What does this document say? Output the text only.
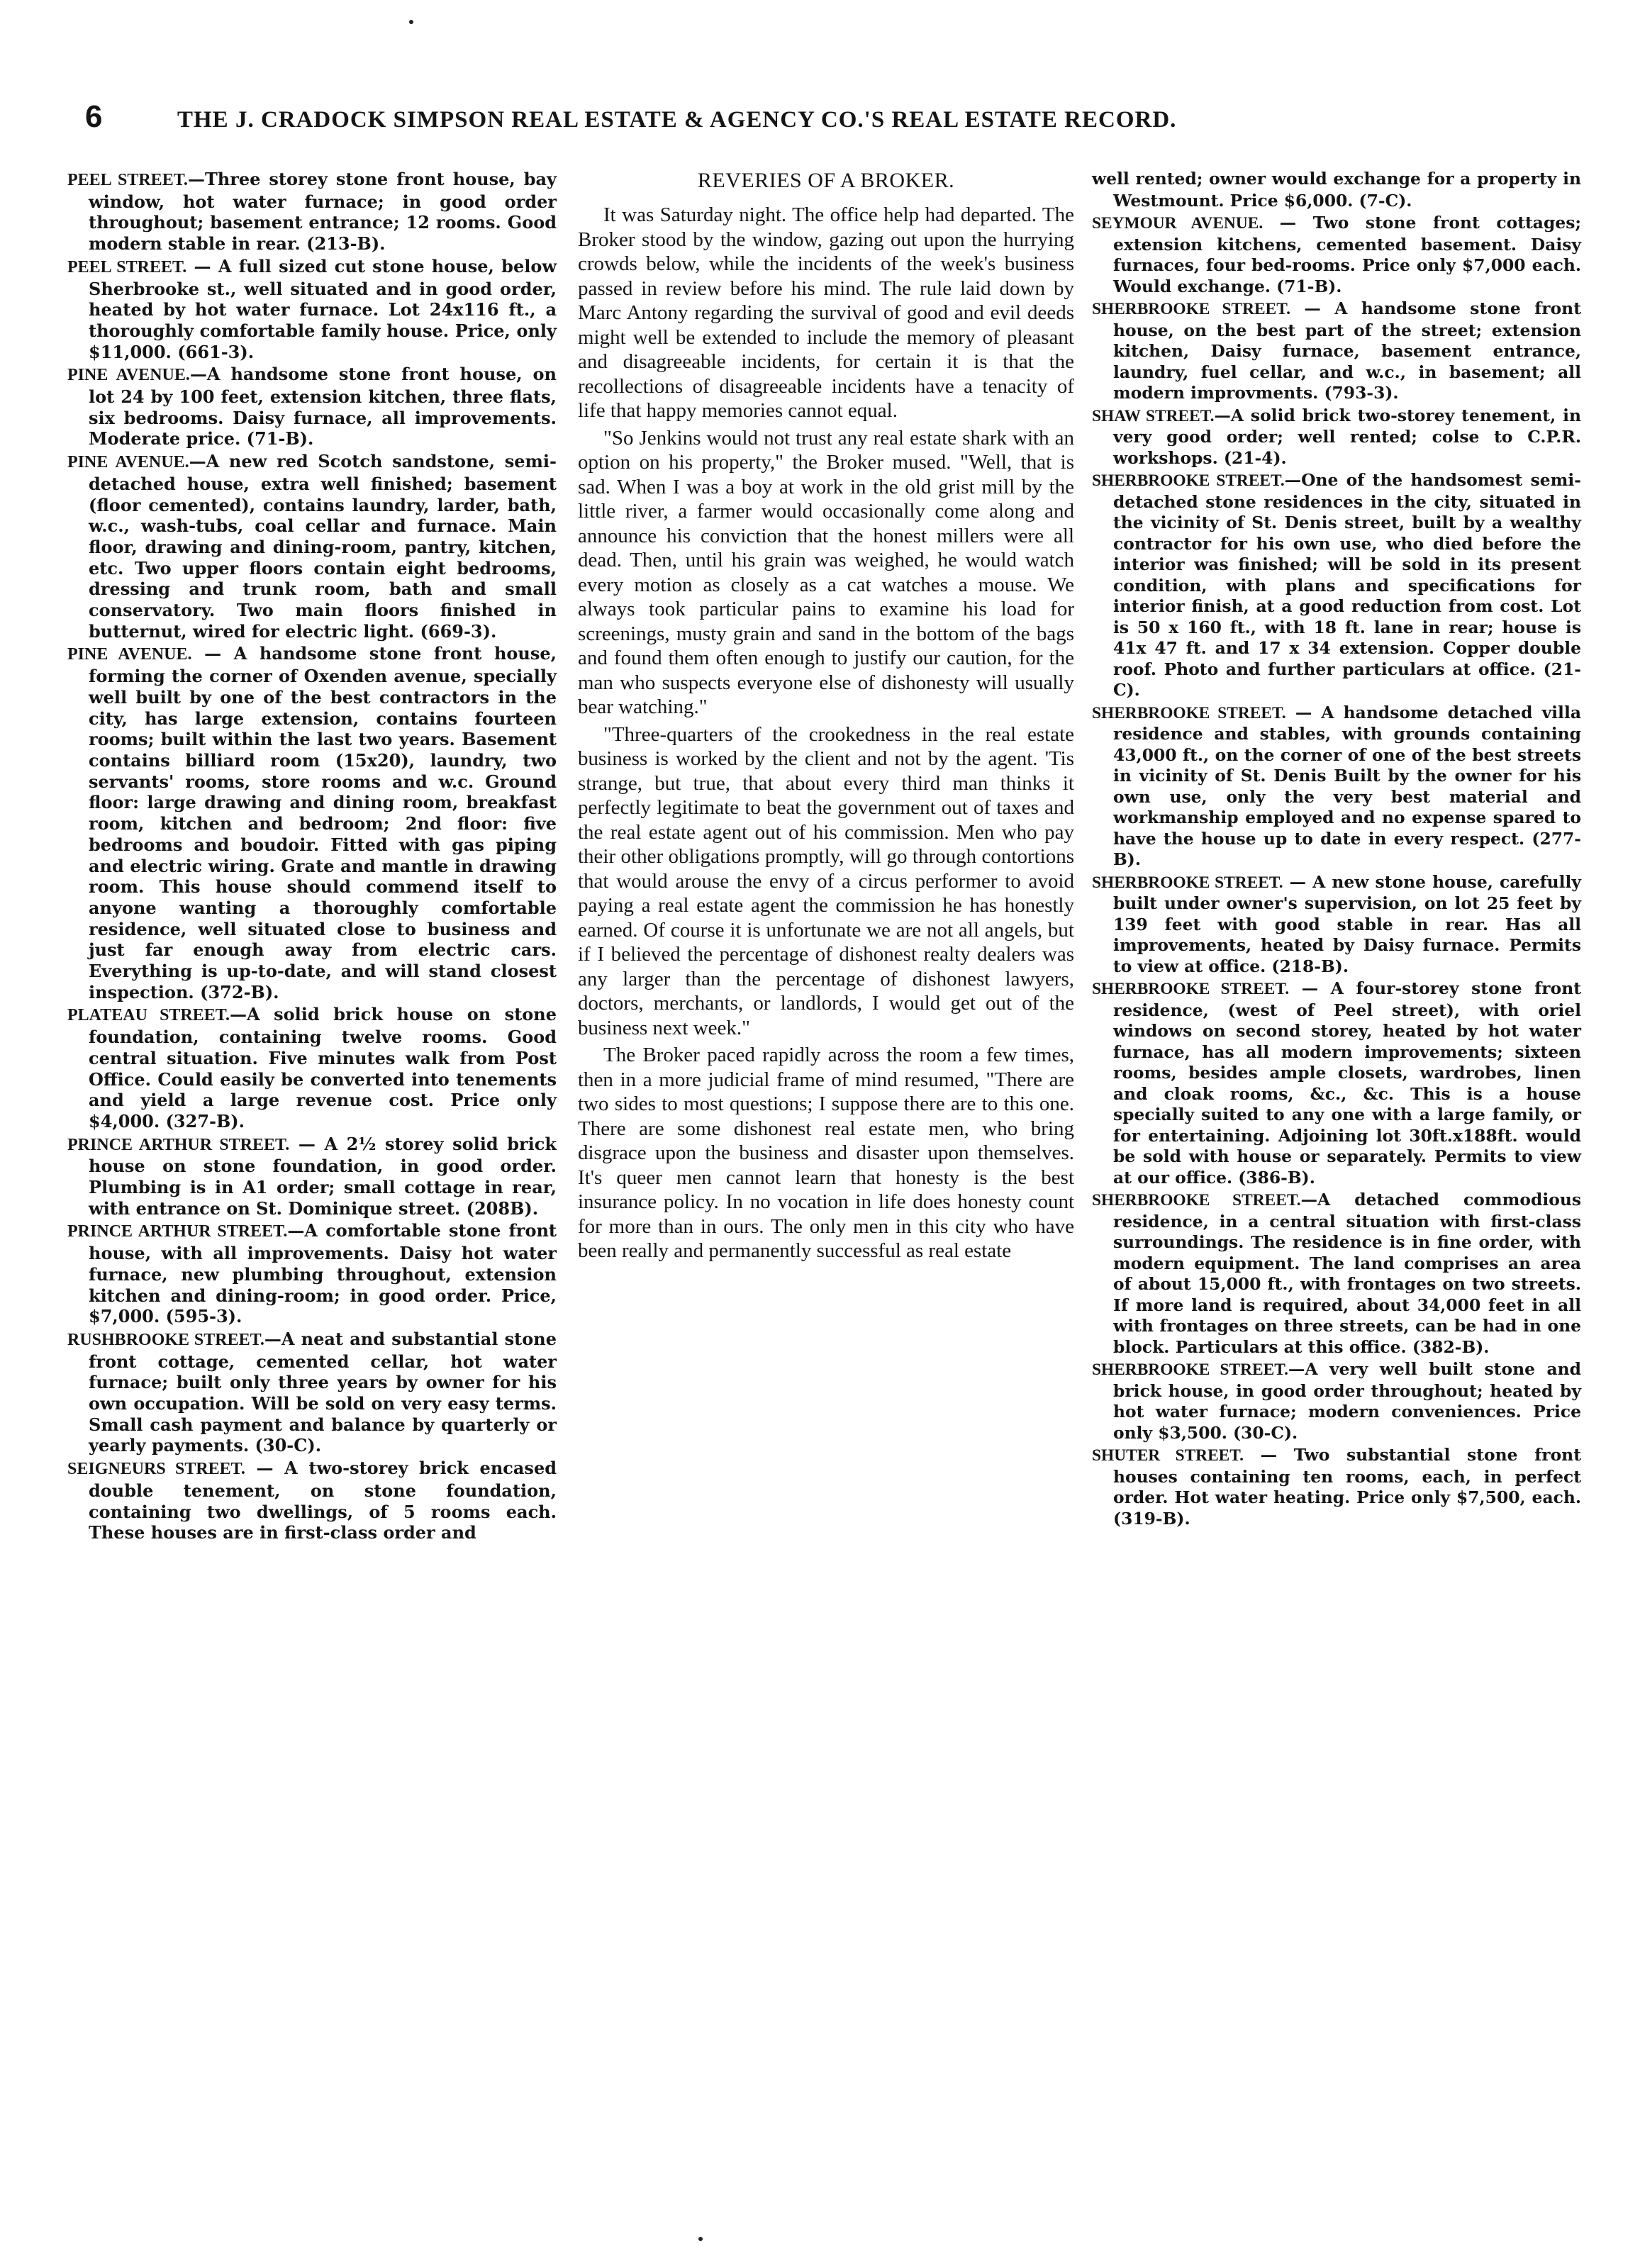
6	THE J. CRADOCK SIMPSON REAL ESTATE & AGENCY CO.'S REAL ESTATE RECORD.

PEEL STREET.—Three storey stone front house, bay window, hot water furnace; in good order throughout; basement entrance; 12 rooms. Good modern stable in rear. (213-B).

PEEL STREET. — A full sized cut stone house, below Sherbrooke st., well situated and in good order, heated by hot water furnace. Lot 24x116 ft., a thoroughly comfortable family house. Price, only $11,000. (661-3).

PINE AVENUE.—A handsome stone front house, on lot 24 by 100 feet, extension kitchen, three flats, six bedrooms. Daisy furnace, all improvements. Moderate price. (71-B).

PINE AVENUE.—A new red Scotch sandstone, semi-detached house, extra well finished; basement (floor cemented), contains laundry, larder, bath, w.c., wash-tubs, coal cellar and furnace. Main floor, drawing and dining-room, pantry, kitchen, etc. Two upper floors contain eight bedrooms, dressing and trunk room, bath and small conservatory. Two main floors finished in butternut, wired for electric light. (669-3).

PINE AVENUE. — A handsome stone front house, forming the corner of Oxenden avenue, specially well built by one of the best contractors in the city, has large extension, contains fourteen rooms; built within the last two years. Basement contains billiard room (15x20), laundry, two servants' rooms, store rooms and w.c. Ground floor: large drawing and dining room, breakfast room, kitchen and bedroom; 2nd floor: five bedrooms and boudoir. Fitted with gas piping and electric wiring. Grate and mantle in drawing room. This house should commend itself to anyone wanting a thoroughly comfortable residence, well situated close to business and just far enough away from electric cars. Everything is up-to-date, and will stand closest inspection. (372-B).

PLATEAU STREET.—A solid brick house on stone foundation, containing twelve rooms. Good central situation. Five minutes walk from Post Office. Could easily be converted into tenements and yield a large revenue cost. Price only $4,000. (327-B).

PRINCE ARTHUR STREET. — A 2½ storey solid brick house on stone foundation, in good order. Plumbing is in A1 order; small cottage in rear, with entrance on St. Dominique street. (208B).

PRINCE ARTHUR STREET.—A comfortable stone front house, with all improvements. Daisy hot water furnace, new plumbing throughout, extension kitchen and dining-room; in good order. Price, $7,000. (595-3).

RUSHBROOKE STREET.—A neat and substantial stone front cottage, cemented cellar, hot water furnace; built only three years by owner for his own occupation. Will be sold on very easy terms. Small cash payment and balance by quarterly or yearly payments. (30-C).

SEIGNEURS STREET. — A two-storey brick encased double tenement, on stone foundation, containing two dwellings, of 5 rooms each. These houses are in first-class order and

REVERIES OF A BROKER.

It was Saturday night. The office help had departed. The Broker stood by the window, gazing out upon the hurrying crowds below, while the incidents of the week's business passed in review before his mind. The rule laid down by Marc Antony regarding the survival of good and evil deeds might well be extended to include the memory of pleasant and disagreeable incidents, for certain it is that the recollections of disagreeable incidents have a tenacity of life that happy memories cannot equal.

"So Jenkins would not trust any real estate shark with an option on his property," the Broker mused. "Well, that is sad. When I was a boy at work in the old grist mill by the little river, a farmer would occasionally come along and announce his conviction that the honest millers were all dead. Then, until his grain was weighed, he would watch every motion as closely as a cat watches a mouse. We always took particular pains to examine his load for screenings, musty grain and sand in the bottom of the bags and found them often enough to justify our caution, for the man who suspects everyone else of dishonesty will usually bear watching."

"Three-quarters of the crookedness in the real estate business is worked by the client and not by the agent. 'Tis strange, but true, that about every third man thinks it perfectly legitimate to beat the government out of taxes and the real estate agent out of his commission. Men who pay their other obligations promptly, will go through contortions that would arouse the envy of a circus performer to avoid paying a real estate agent the commission he has honestly earned. Of course it is unfortunate we are not all angels, but if I believed the percentage of dishonest realty dealers was any larger than the percentage of dishonest lawyers, doctors, merchants, or landlords, I would get out of the business next week."

The Broker paced rapidly across the room a few times, then in a more judicial frame of mind resumed, "There are two sides to most questions; I suppose there are to this one. There are some dishonest real estate men, who bring disgrace upon the business and disaster upon themselves. It's queer men cannot learn that honesty is the best insurance policy. In no vocation in life does honesty count for more than in ours. The only men in this city who have been really and permanently successful as real estate

well rented; owner would exchange for a property in Westmount. Price $6,000. (7-C).

SEYMOUR AVENUE. — Two stone front cottages; extension kitchens, cemented basement. Daisy furnaces, four bed-rooms. Price only $7,000 each. Would exchange. (71-B).

SHERBROOKE STREET. — A handsome stone front house, on the best part of the street; extension kitchen, Daisy furnace, basement entrance, laundry, fuel cellar, and w.c., in basement; all modern improvments. (793-3).

SHAW STREET.—A solid brick two-storey tenement, in very good order; well rented; colse to C.P.R. workshops. (21-4).

SHERBROOKE STREET.—One of the handsomest semi-detached stone residences in the city, situated in the vicinity of St. Denis street, built by a wealthy contractor for his own use, who died before the interior was finished; will be sold in its present condition, with plans and specifications for interior finish, at a good reduction from cost. Lot is 50 x 160 ft., with 18 ft. lane in rear; house is 41x 47 ft. and 17 x 34 extension. Copper double roof. Photo and further particulars at office. (21-C).

SHERBROOKE STREET. — A handsome detached villa residence and stables, with grounds containing 43,000 ft., on the corner of one of the best streets in vicinity of St. Denis Built by the owner for his own use, only the very best material and workmanship employed and no expense spared to have the house up to date in every respect. (277-B).

SHERBROOKE STREET. — A new stone house, carefully built under owner's supervision, on lot 25 feet by 139 feet with good stable in rear. Has all improvements, heated by Daisy furnace. Permits to view at office. (218-B).

SHERBROOKE STREET. — A four-storey stone front residence, (west of Peel street), with oriel windows on second storey, heated by hot water furnace, has all modern improvements; sixteen rooms, besides ample closets, wardrobes, linen and cloak rooms, &c., &c. This is a house specially suited to any one with a large family, or for entertaining. Adjoining lot 30ft.x188ft. would be sold with house or separately. Permits to view at our office. (386-B).

SHERBROOKE STREET.—A detached commodious residence, in a central situation with first-class surroundings. The residence is in fine order, with modern equipment. The land comprises an area of about 15,000 ft., with frontages on two streets. If more land is required, about 34,000 feet in all with frontages on three streets, can be had in one block. Particulars at this office. (382-B).

SHERBROOKE STREET.—A very well built stone and brick house, in good order throughout; heated by hot water furnace; modern conveniences. Price only $3,500. (30-C).

SHUTER STREET. — Two substantial stone front houses containing ten rooms, each, in perfect order. Hot water heating. Price only $7,500, each. (319-B).
